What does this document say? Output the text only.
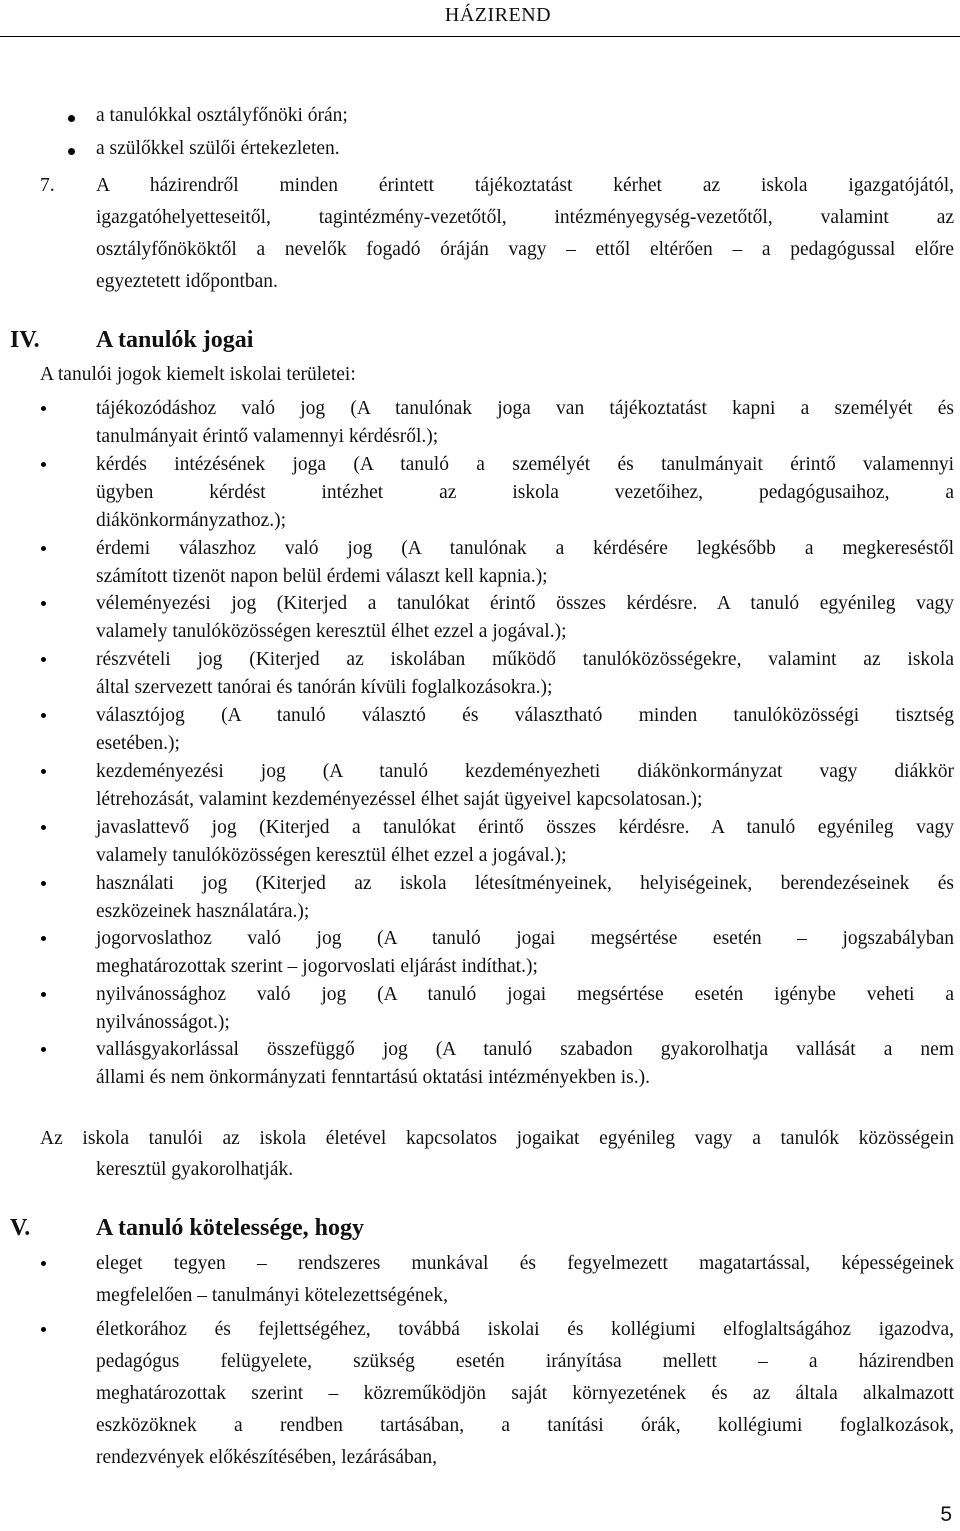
HÁZIREND
a tanulókkal osztályfőnöki órán;
a szülőkkel szülői értekezleten.
7. A házirendről minden érintett tájékoztatást kérhet az iskola igazgatójától,
igazgatóhelyetteseitől, tagintézmény-vezetőtől, intézményegység-vezetőtől, valamint az
osztályfőnököktől a nevelők fogadó óráján vagy – ettől eltérően – a pedagógussal előre
egyeztetett időpontban.
IV. A tanulók jogai
A tanulói jogok kiemelt iskolai területei:
tájékozódáshoz való jog (A tanulónak joga van tájékoztatást kapni a személyét és
tanulmányait érintő valamennyi kérdésről.);
kérdés intézésének joga (A tanuló a személyét és tanulmányait érintő valamennyi
ügyben kérdést intézhet az iskola vezetőihez, pedagógusaihoz, a
diákönkormányzathoz.);
érdemi válaszhoz való jog (A tanulónak a kérdésére legkésőbb a megkereséstől
számított tizenöt napon belül érdemi választ kell kapnia.);
véleményezési jog (Kiterjed a tanulókat érintő összes kérdésre. A tanuló egyénileg vagy
valamely tanulóközösségen keresztül élhet ezzel a jogával.);
részvételi jog (Kiterjed az iskolában működő tanulóközösségekre, valamint az iskola
által szervezett tanórai és tanórán kívüli foglalkozásokra.);
választójog (A tanuló választó és választható minden tanulóközösségi tisztség
esetében.);
kezdeményezési jog (A tanuló kezdeményezheti diákönkormányzat vagy diákkör
létrehozását, valamint kezdeményezéssel élhet saját ügyeivel kapcsolatosan.);
javaslattevő jog (Kiterjed a tanulókat érintő összes kérdésre. A tanuló egyénileg vagy
valamely tanulóközösségen keresztül élhet ezzel a jogával.);
használati jog (Kiterjed az iskola létesítményeinek, helyiségeinek, berendezéseinek és
eszközeinek használatára.);
jogorvoslathoz való jog (A tanuló jogai megsértése esetén – jogszabályban
meghatározottak szerint – jogorvoslati eljárást indíthat.);
nyilvánossághoz való jog (A tanuló jogai megsértése esetén igénybe veheti a
nyilvánosságot.);
vallásgyakorlással összefüggő jog (A tanuló szabadon gyakorolhatja vallását a nem
állami és nem önkormányzati fenntartású oktatási intézményekben is.).
Az iskola tanulói az iskola életével kapcsolatos jogaikat egyénileg vagy a tanulók közösségein
keresztül gyakorolhatják.
V.	A tanuló kötelessége, hogy
eleget tegyen – rendszeres munkával és fegyelmezett magatartással, képességeinek
megfelelően – tanulmányi kötelezettségének,
életkorához és fejlettségéhez, továbbá iskolai és kollégiumi elfoglaltságához igazodva,
pedagógus felügyelete, szükség esetén irányítása mellett – a házirendben
meghatározottak szerint – közreműködjön saját környezetének és az általa alkalmazott
eszközöknek a rendben tartásában, a tanítási órák, kollégiumi foglalkozások,
rendezvények előkészítésében, lezárásában,
5
